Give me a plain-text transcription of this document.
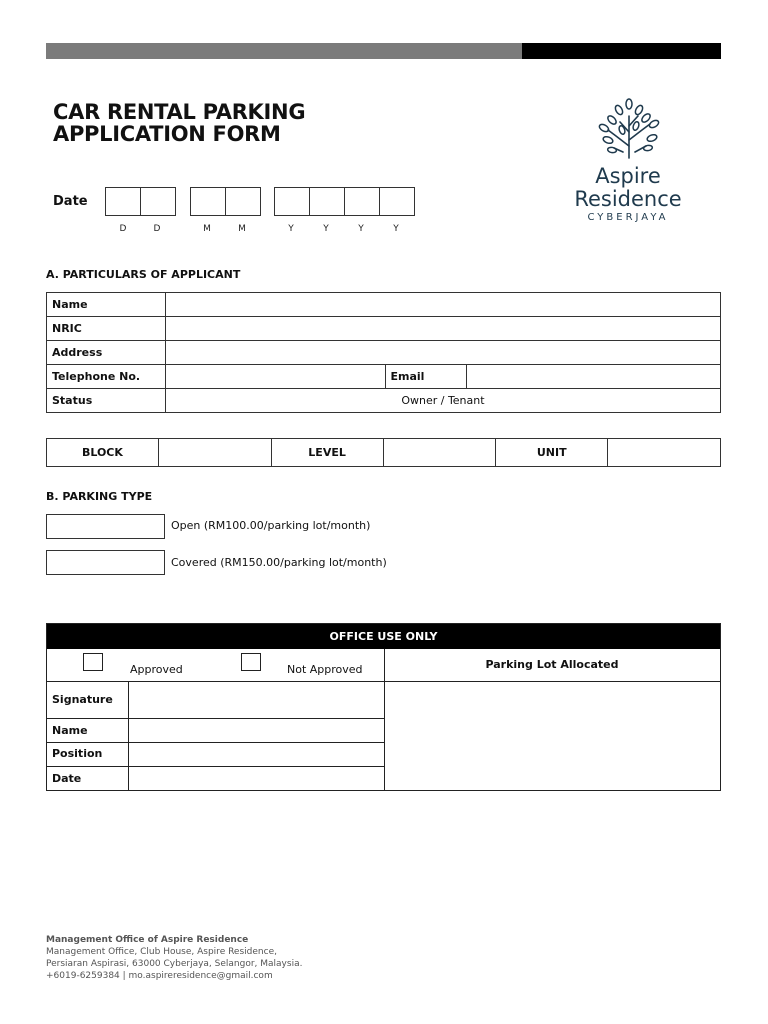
CAR RENTAL PARKING
APPLICATION FORM
Aspire
Residence
CYBERJAYA
Date
D	D	M	M	Y	Y	Y	Y
A. PARTICULARS OF APPLICANT
Name			
NRIC			
Address			
Telephone No.		Email	
Status	Owner / Tenant		
BLOCK		LEVEL		UNIT	
B. PARKING TYPE
Open (RM100.00/parking lot/month)
Covered (RM150.00/parking lot/month)
OFFICE USE ONLY
Approved	Not Approved	Parking Lot Allocated
Signature
Name
Position
Date
Management Office of Aspire Residence
Management Office, Club House, Aspire Residence,
Persiaran Aspirasi, 63000 Cyberjaya, Selangor, Malaysia.
+6019-6259384 | mo.aspireresidence@gmail.com
